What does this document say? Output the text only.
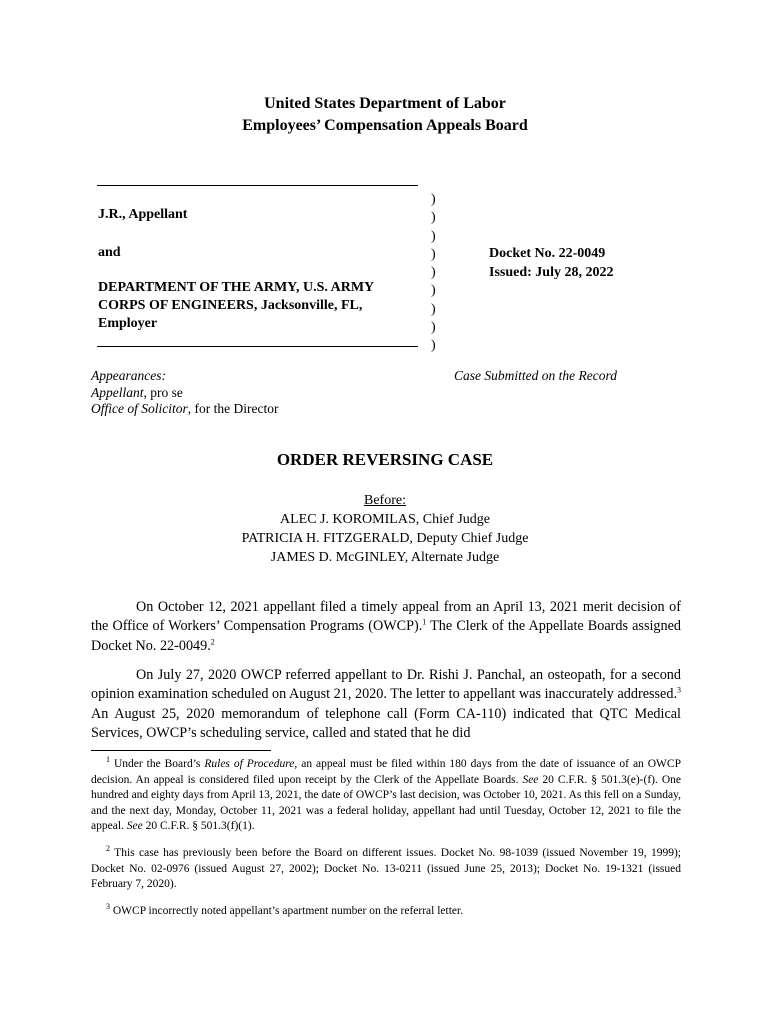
United States Department of Labor
Employees’ Compensation Appeals Board
J.R., Appellant
and
DEPARTMENT OF THE ARMY, U.S. ARMY
CORPS OF ENGINEERS, Jacksonville, FL,
Employer
)
)
)
)
)
)
)
)
)
Docket No. 22-0049
Issued: July 28, 2022
Appearances:
Appellant, pro se
Office of Solicitor, for the Director
Case Submitted on the Record
ORDER REVERSING CASE
Before:
ALEC J. KOROMILAS, Chief Judge
PATRICIA H. FITZGERALD, Deputy Chief Judge
JAMES D. McGINLEY, Alternate Judge

On October 12, 2021 appellant filed a timely appeal from an April 13, 2021 merit decision of the Office of Workers’ Compensation Programs (OWCP).$^1$ The Clerk of the Appellate Boards assigned Docket No. 22-0049.$^2$

On July 27, 2020 OWCP referred appellant to Dr. Rishi J. Panchal, an osteopath, for a second opinion examination scheduled on August 21, 2020. The letter to appellant was inaccurately addressed.$^3$ An August 25, 2020 memorandum of telephone call (Form CA-110) indicated that QTC Medical Services, OWCP’s scheduling service, called and stated that he did

$^1$ Under the Board’s Rules of Procedure, an appeal must be filed within 180 days from the date of issuance of an OWCP decision. An appeal is considered filed upon receipt by the Clerk of the Appellate Boards. See 20 C.F.R. § 501.3(e)-(f). One hundred and eighty days from April 13, 2021, the date of OWCP’s last decision, was October 10, 2021. As this fell on a Sunday, and the next day, Monday, October 11, 2021 was a federal holiday, appellant had until Tuesday, October 12, 2021 to file the appeal. See 20 C.F.R. § 501.3(f)(1).

$^2$ This case has previously been before the Board on different issues. Docket No. 98-1039 (issued November 19, 1999); Docket No. 02-0976 (issued August 27, 2002); Docket No. 13-0211 (issued June 25, 2013); Docket No. 19-1321 (issued February 7, 2020).

$^3$ OWCP incorrectly noted appellant’s apartment number on the referral letter.
